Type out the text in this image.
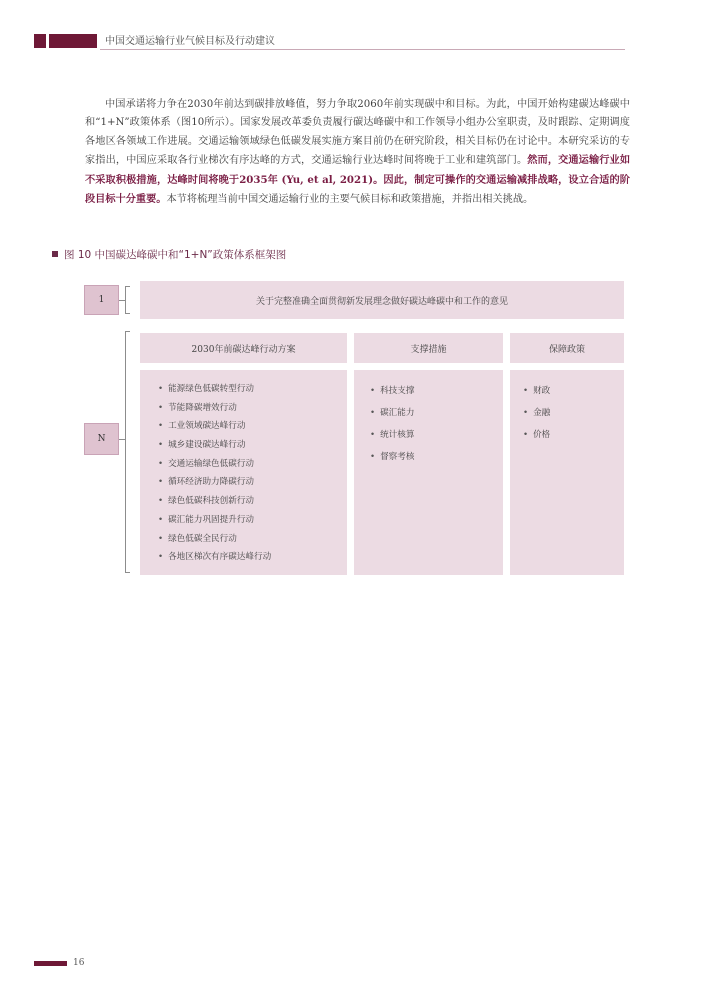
中国交通运输行业气候目标及行动建议

中国承诺将力争在2030年前达到碳排放峰值，努力争取2060年前实现碳中和目标。为此，中国开始构建碳达峰碳中和“1+N”政策体系（图10所示）。国家发展改革委负责履行碳达峰碳中和工作领导小组办公室职责，及时跟踪、定期调度各地区各领域工作进展。交通运输领域绿色低碳发展实施方案目前仍在研究阶段，相关目标仍在讨论中。本研究采访的专家指出，中国应采取各行业梯次有序达峰的方式，交通运输行业达峰时间将晚于工业和建筑部门。然而，交通运输行业如不采取积极措施，达峰时间将晚于2035年 (Yu, et al, 2021)。因此，制定可操作的交通运输减排战略，设立合适的阶段目标十分重要。本节将梳理当前中国交通运输行业的主要气候目标和政策措施，并指出相关挑战。

图 10 中国碳达峰碳中和“1+N”政策体系框架图
1	关于完整准确全面贯彻新发展理念做好碳达峰碳中和工作的意见
N
2030年前碳达峰行动方案	支撑措施	保障政策
• 能源绿色低碳转型行动
• 节能降碳增效行动
• 工业领域碳达峰行动
• 城乡建设碳达峰行动
• 交通运输绿色低碳行动
• 循环经济助力降碳行动
• 绿色低碳科技创新行动
• 碳汇能力巩固提升行动
• 绿色低碳全民行动
• 各地区梯次有序碳达峰行动
• 科技支撑
• 碳汇能力
• 统计核算
• 督察考核
• 财政
• 金融
• 价格
16
